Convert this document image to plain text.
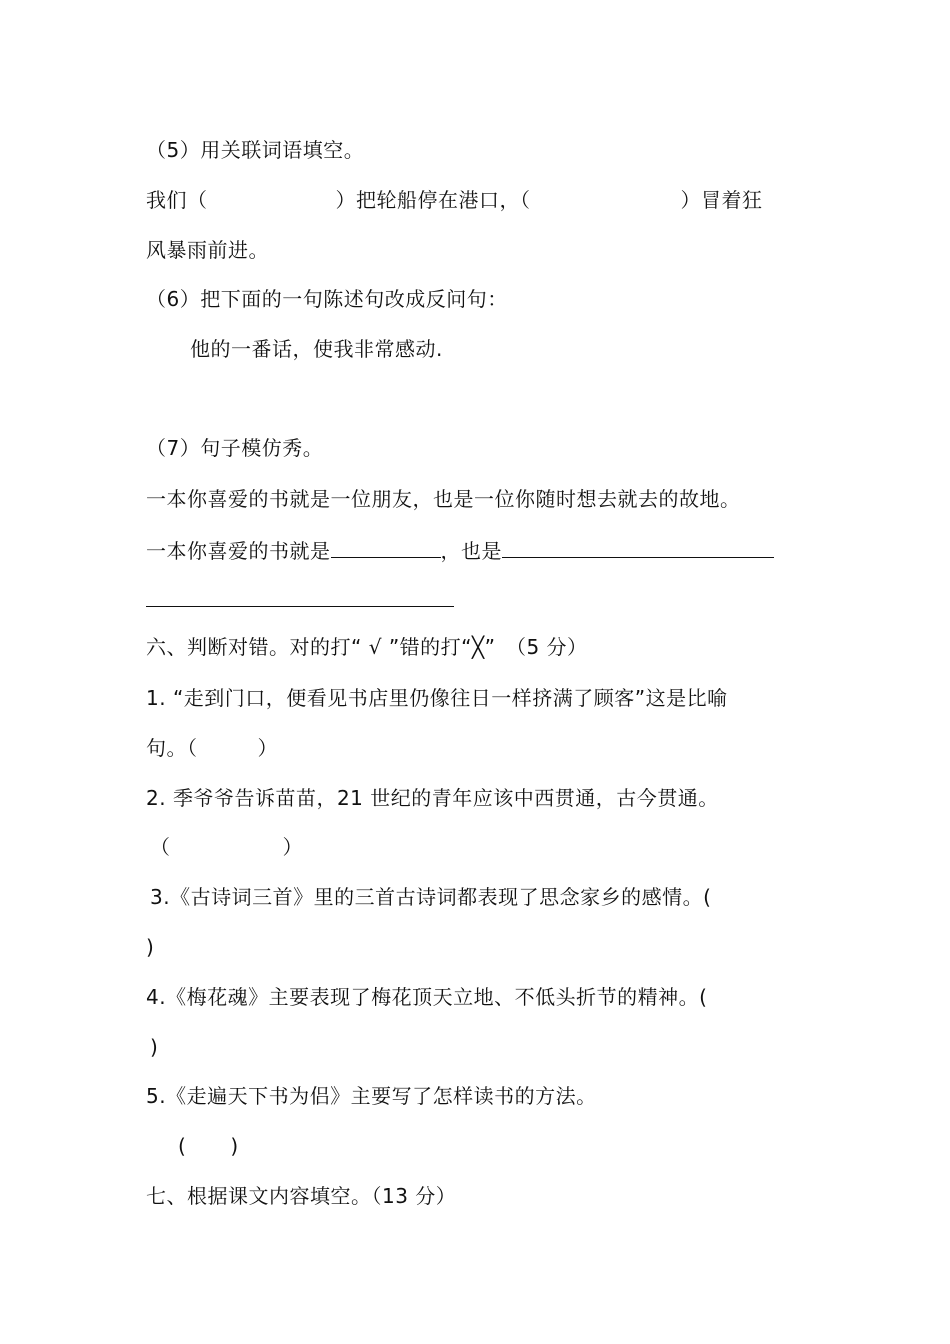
（5）用关联词语填空。
我们（	）把轮船停在港口，（	）冒着狂
风暴雨前进。
（6）把下面的一句陈述句改成反问句：
他的一番话，使我非常感动.
（7）句子模仿秀。
一本你喜爱的书就是一位朋友，也是一位你随时想去就去的故地。
一本你喜爱的书就是	，也是
六、判断对错。对的打“ √ ”错的打“╳”　（5 分）
1. “走到门口，便看见书店里仍像往日一样挤满了顾客”这是比喻
句。（	）
2. 季爷爷告诉苗苗，21 世纪的青年应该中西贯通，古今贯通。
（	）
3.《古诗词三首》里的三首古诗词都表现了思念家乡的感情。(
)
4.《梅花魂》主要表现了梅花顶天立地、不低头折节的精神。(
)
5.《走遍天下书为侣》主要写了怎样读书的方法。
( )
七、根据课文内容填空。（13 分）
